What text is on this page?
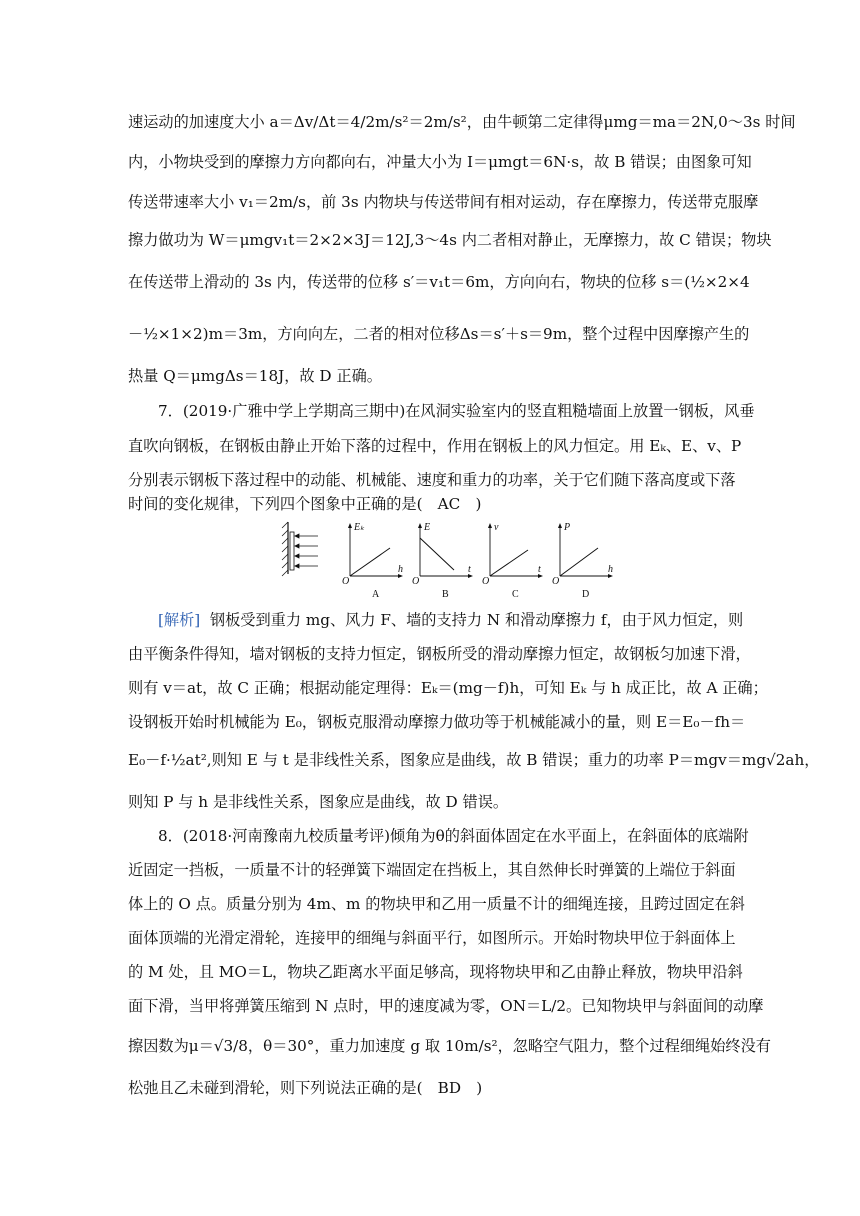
速运动的加速度大小 a＝Δv/Δt＝4/2m/s²＝2m/s²，由牛顿第二定律得μmg＝ma＝2N,0～3s 时间
内，小物块受到的摩擦力方向都向右，冲量大小为 I＝μmgt＝6N·s，故 B 错误；由图象可知
传送带速率大小 v₁＝2m/s，前 3s 内物块与传送带间有相对运动，存在摩擦力，传送带克服摩
擦力做功为 W＝μmgv₁t＝2×2×3J＝12J,3～4s 内二者相对静止，无摩擦力，故 C 错误；物块
在传送带上滑动的 3s 内，传送带的位移 s′＝v₁t＝6m，方向向右，物块的位移 s＝(½×2×4
－½×1×2)m＝3m，方向向左，二者的相对位移Δs＝s′＋s＝9m，整个过程中因摩擦产生的
热量 Q＝μmgΔs＝18J，故 D 正确。
7．(2019·广雅中学上学期高三期中)在风洞实验室内的竖直粗糙墙面上放置一钢板，风垂
直吹向钢板，在钢板由静止开始下落的过程中，作用在钢板上的风力恒定。用 Eₖ、E、v、P
分别表示钢板下落过程中的动能、机械能、速度和重力的功率，关于它们随下落高度或下落
时间的变化规律，下列四个图象中正确的是(　AC　)
Eₖ
h
O
A
E
t
O
B
v
t
O
C
P
h
O
D
[解析] 钢板受到重力 mg、风力 F、墙的支持力 N 和滑动摩擦力 f，由于风力恒定，则
由平衡条件得知，墙对钢板的支持力恒定，钢板所受的滑动摩擦力恒定，故钢板匀加速下滑，
则有 v＝at，故 C 正确；根据动能定理得：Eₖ＝(mg－f)h，可知 Eₖ 与 h 成正比，故 A 正确；
设钢板开始时机械能为 E₀，钢板克服滑动摩擦力做功等于机械能减小的量，则 E＝E₀－fh＝
E₀－f·½at²,则知 E 与 t 是非线性关系，图象应是曲线，故 B 错误；重力的功率 P＝mgv＝mg√2ah，
则知 P 与 h 是非线性关系，图象应是曲线，故 D 错误。
8．(2018·河南豫南九校质量考评)倾角为θ的斜面体固定在水平面上，在斜面体的底端附
近固定一挡板，一质量不计的轻弹簧下端固定在挡板上，其自然伸长时弹簧的上端位于斜面
体上的 O 点。质量分别为 4m、m 的物块甲和乙用一质量不计的细绳连接，且跨过固定在斜
面体顶端的光滑定滑轮，连接甲的细绳与斜面平行，如图所示。开始时物块甲位于斜面体上
的 M 处，且 MO＝L，物块乙距离水平面足够高，现将物块甲和乙由静止释放，物块甲沿斜
面下滑，当甲将弹簧压缩到 N 点时，甲的速度减为零，ON＝L/2。已知物块甲与斜面间的动摩
擦因数为μ＝√3/8，θ＝30°，重力加速度 g 取 10m/s²，忽略空气阻力，整个过程细绳始终没有
松弛且乙未碰到滑轮，则下列说法正确的是(　BD　)
